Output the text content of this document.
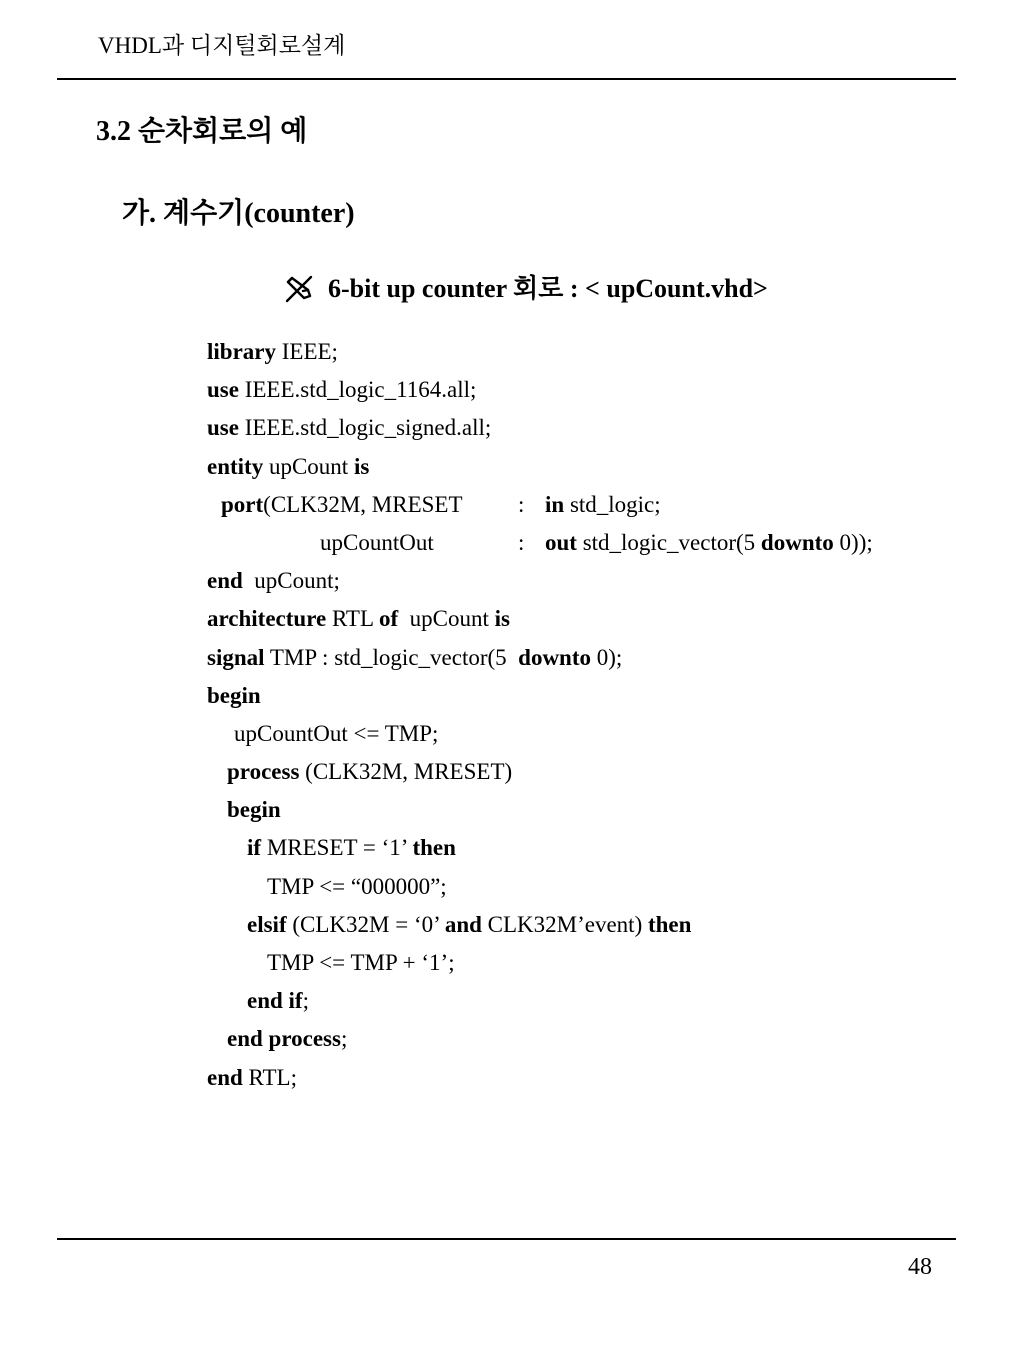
VHDL과 디지털회로설계
3.2 순차회로의 예
가. 계수기(counter)
6-bit up counter 회로 : < upCount.vhd>
library IEEE;
use IEEE.std_logic_1164.all;
use IEEE.std_logic_signed.all;
entity upCount is
port(CLK32M, MRESET : in std_logic;
upCountOut	: out std_logic_vector(5 downto 0));
end  upCount;
architecture RTL of  upCount is
signal TMP : std_logic_vector(5  downto 0);
begin
upCountOut <= TMP;
process (CLK32M, MRESET)
begin
if MRESET = ‘1’ then
TMP <= “000000”;
elsif (CLK32M = ‘0’ and CLK32M’event) then
TMP <= TMP + ‘1’;
end if;
end process;
end RTL;
48
